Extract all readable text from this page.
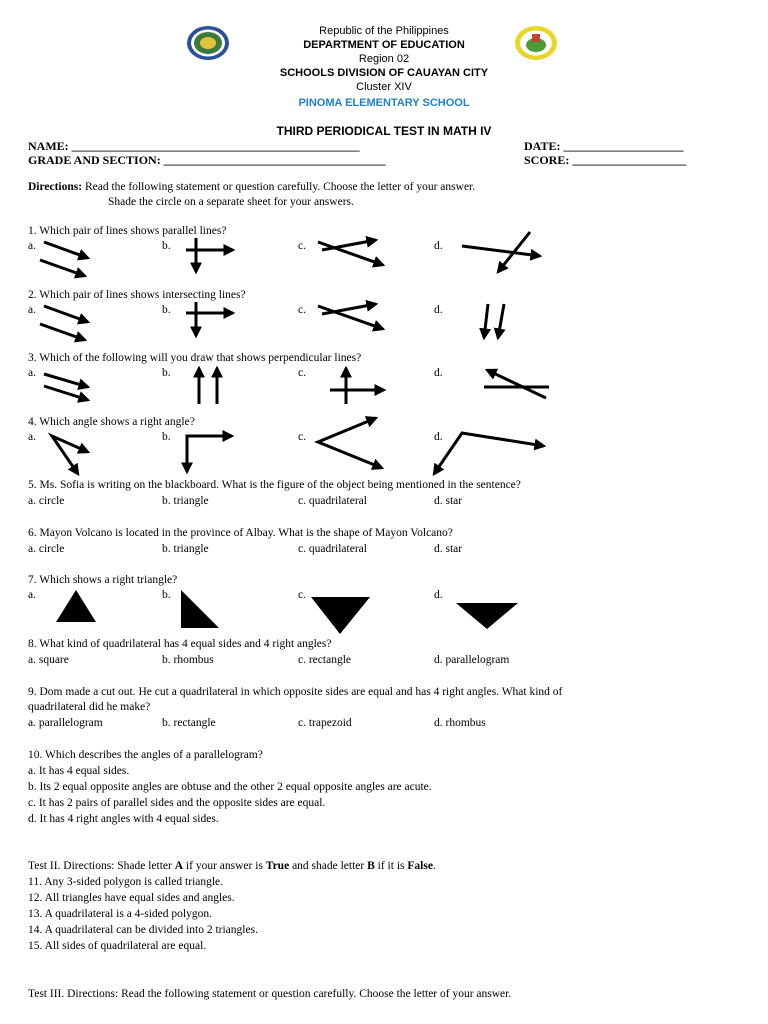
Republic of the Philippines
DEPARTMENT OF EDUCATION
Region 02
SCHOOLS DIVISION OF CAUAYAN CITY
Cluster XIV
PINOMA ELEMENTARY SCHOOL
THIRD PERIODICAL TEST IN MATH IV
NAME: ________________________________________________	DATE: ____________________
GRADE AND SECTION: _____________________________________	SCORE: ___________________
Directions: Read the following statement or question carefully. Choose the letter of your answer.
Shade the circle on a separate sheet for your answers.
1. Which pair of lines shows parallel lines?
a.	b.	c.	d.
2. Which pair of lines shows intersecting lines?
a.	b.	c.	d.
3. Which of the following will you draw that shows perpendicular lines?
a.	b.	c.	d.
4. Which angle shows a right angle?
a.	b.	c.	d.
5. Ms. Sofia is writing on the blackboard. What is the figure of the object being mentioned in the sentence?
a. circle	b. triangle	c. quadrilateral	d. star
6. Mayon Volcano is located in the province of Albay. What is the shape of Mayon Volcano?
a. circle	b. triangle	c. quadrilateral	d. star
7. Which shows a right triangle?
a.	b.	c.	d.
8. What kind of quadrilateral has 4 equal sides and 4 right angles?
a. square	b. rhombus	c. rectangle	d. parallelogram
9. Dom made a cut out. He cut a quadrilateral in which opposite sides are equal and has 4 right angles. What kind of
quadrilateral did he make?
a. parallelogram	b. rectangle	c. trapezoid	d. rhombus
10. Which describes the angles of a parallelogram?
a. It has 4 equal sides.
b. Its 2 equal opposite angles are obtuse and the other 2 equal opposite angles are acute.
c. It has 2 pairs of parallel sides and the opposite sides are equal.
d. It has 4 right angles with 4 equal sides.
Test II. Directions: Shade letter A if your answer is True and shade letter B if it is False.
11. Any 3-sided polygon is called triangle.
12. All triangles have equal sides and angles.
13. A quadrilateral is a 4-sided polygon.
14. A quadrilateral can be divided into 2 triangles.
15. All sides of quadrilateral are equal.
Test III. Directions: Read the following statement or question carefully. Choose the letter of your answer.
